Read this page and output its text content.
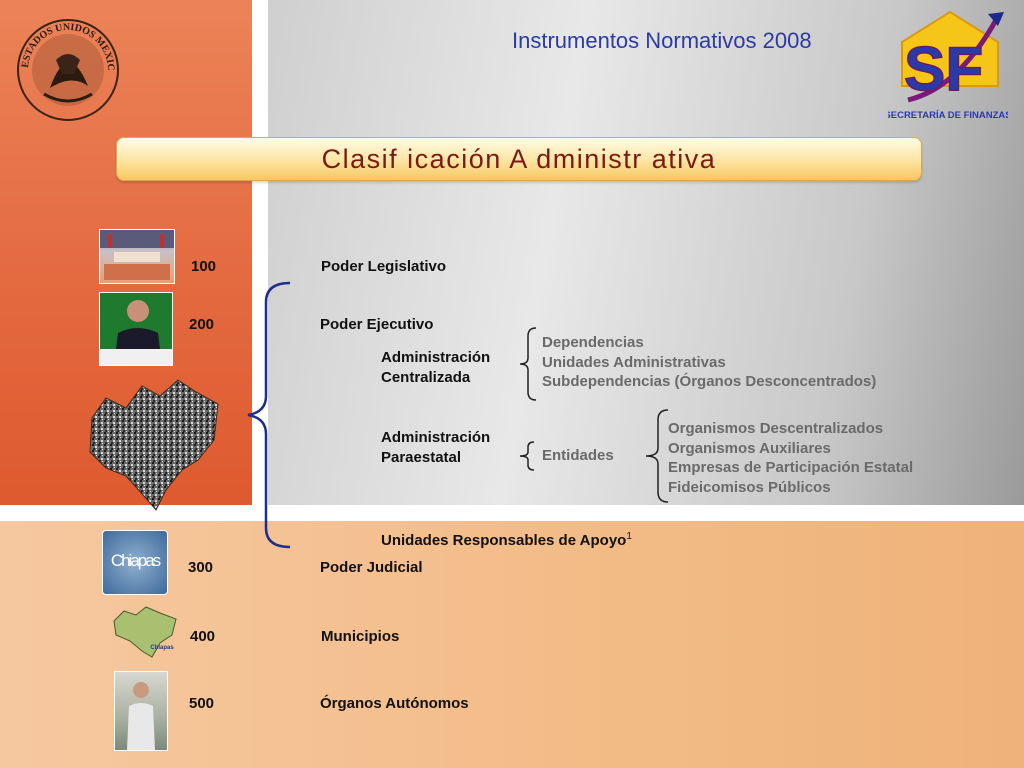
ESTADOS UNIDOS MEXIC
Instrumentos Normativos 2008 SF
SECRETARÍA DE FINANZAS
Clasif icación A dministr ativa
Chiapas
Chiapas
100	Poder Legislativo
200	Poder Ejecutivo
300	Poder Judicial
400	Municipios
500	Órganos Autónomos
Administración
Centralizada
Dependencias
Unidades Administrativas
Subdependencias (Órganos Desconcentrados)
Administración
Paraestatal	Entidades
Organismos Descentralizados
Organismos Auxiliares
Empresas de Participación Estatal
Fideicomisos Públicos
Unidades Responsables de Apoyo$^1$
